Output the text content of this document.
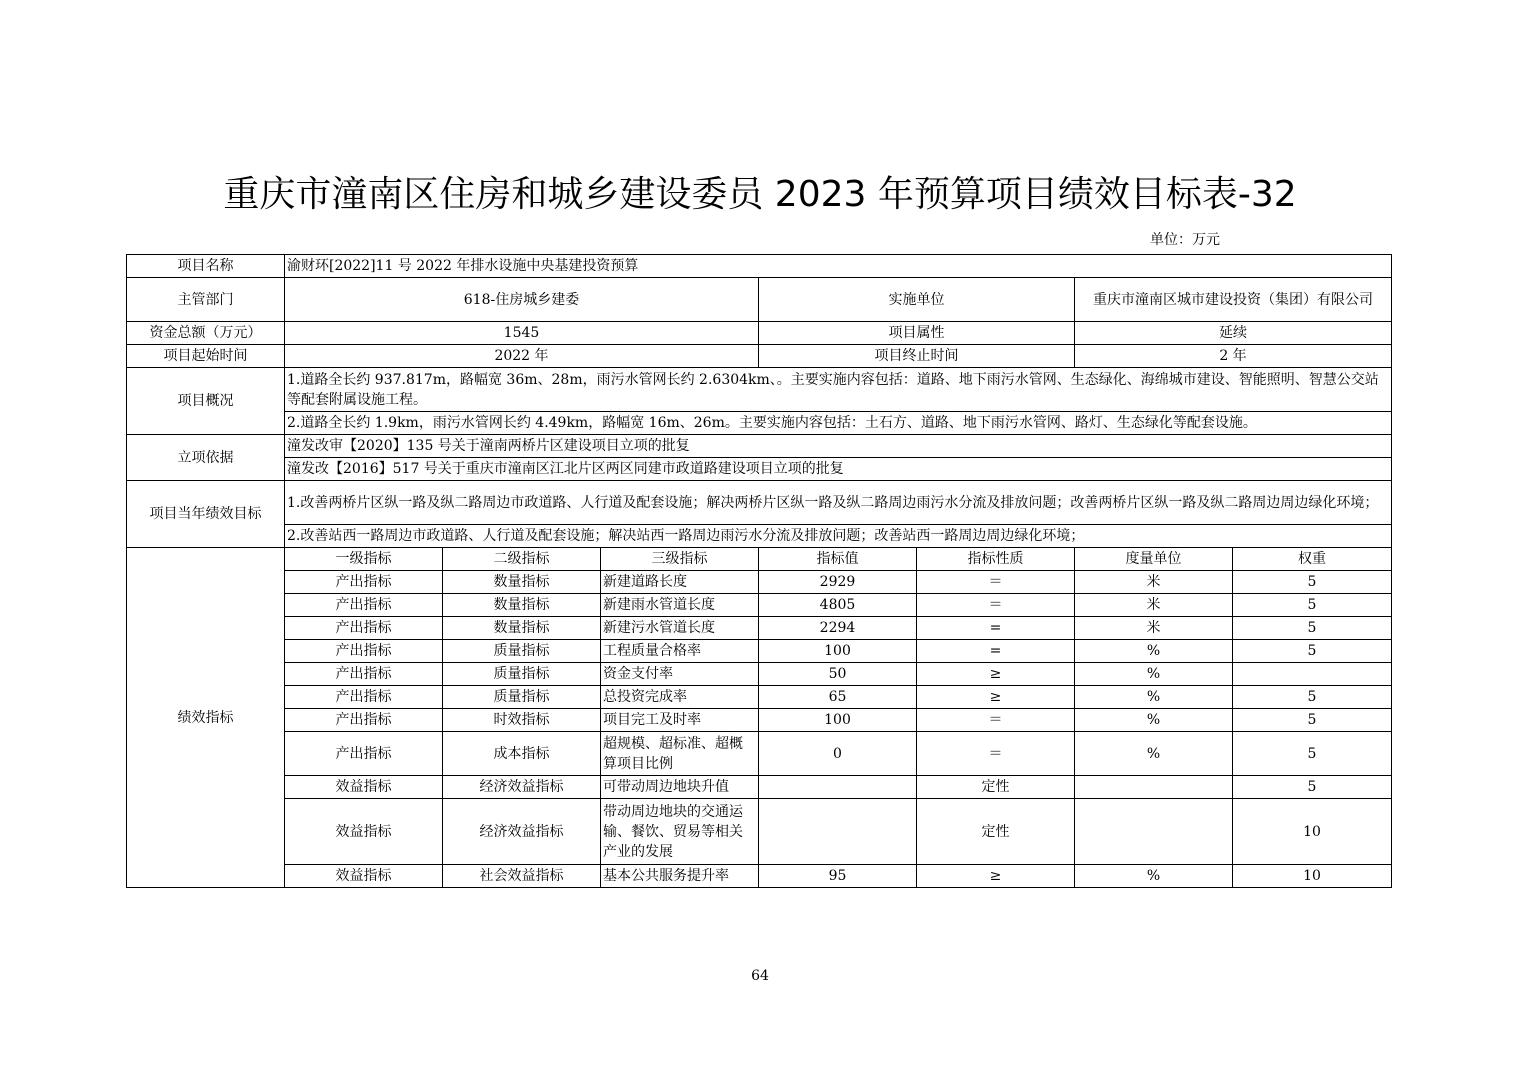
重庆市潼南区住房和城乡建设委员 2023 年预算项目绩效目标表-32
单位：万元
项目名称	渝财环[2022]11 号 2022 年排水设施中央基建投资预算						
主管部门	618-住房城乡建委			实施单位		重庆市潼南区城市建设投资（集团）有限公司	
资金总额（万元）	1545			项目属性		延续	
项目起始时间	2022 年			项目终止时间		2 年	
项目概况	1.道路全长约 937.817m，路幅宽 36m、28m，雨污水管网长约 2.6304km、。主要实施内容包括：道路、地下雨污水管网、生态绿化、海绵城市建设、智能照明、智慧公交站等配套附属设施工程。						
	2.道路全长约 1.9km，雨污水管网长约 4.49km，路幅宽 16m、26m。主要实施内容包括：土石方、道路、地下雨污水管网、路灯、生态绿化等配套设施。						
立项依据	潼发改审【2020】135 号关于潼南两桥片区建设项目立项的批复						
	潼发改【2016】517 号关于重庆市潼南区江北片区两区同建市政道路建设项目立项的批复						
项目当年绩效目标	1.改善两桥片区纵一路及纵二路周边市政道路、人行道及配套设施；解决两桥片区纵一路及纵二路周边雨污水分流及排放问题；改善两桥片区纵一路及纵二路周边周边绿化环境；						
	2.改善站西一路周边市政道路、人行道及配套设施；解决站西一路周边雨污水分流及排放问题；改善站西一路周边周边绿化环境；						
绩效指标	一级指标	二级指标	三级指标	指标值	指标性质	度量单位	权重
	产出指标	数量指标	新建道路长度	2929	＝	米	5
	产出指标	数量指标	新建雨水管道长度	4805	＝	米	5
	产出指标	数量指标	新建污水管道长度	2294	=	米	5
	产出指标	质量指标	工程质量合格率	100	=	%	5
	产出指标	质量指标	资金支付率	50	≥	%	
	产出指标	质量指标	总投资完成率	65	≥	%	5
	产出指标	时效指标	项目完工及时率	100	＝	%	5
	产出指标	成本指标	超规模、超标准、超概算项目比例	0	＝	%	5
	效益指标	经济效益指标	可带动周边地块升值		定性		5
	效益指标	经济效益指标	带动周边地块的交通运输、餐饮、贸易等相关产业的发展		定性		10
	效益指标	社会效益指标	基本公共服务提升率	95	≥	%	10
64
